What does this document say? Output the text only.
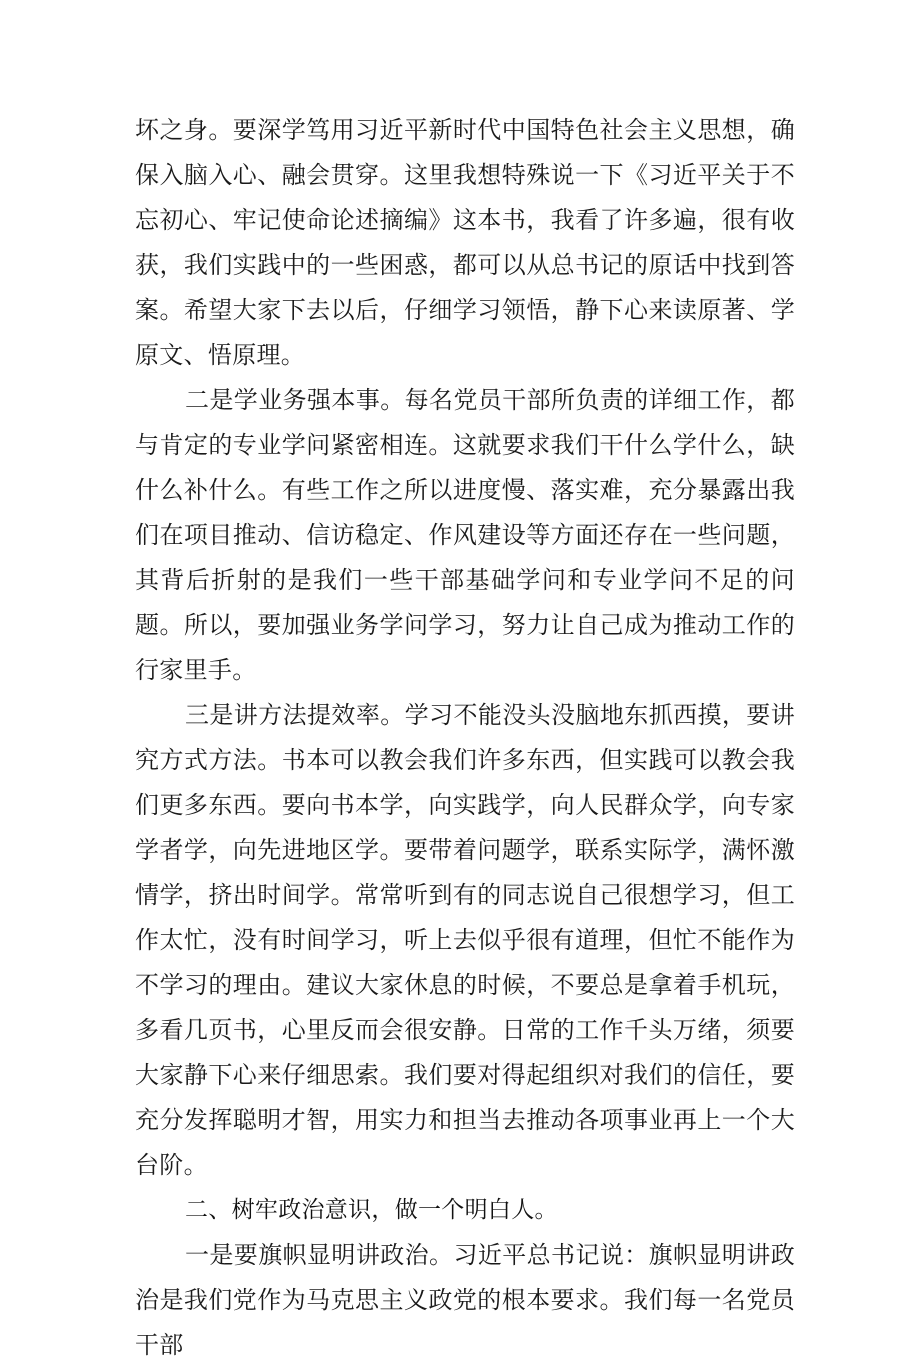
坏之身。要深学笃用习近平新时代中国特色社会主义思想，确保入脑入心、融会贯穿。这里我想特殊说一下《习近平关于不忘初心、牢记使命论述摘编》这本书，我看了许多遍，很有收获，我们实践中的一些困惑，都可以从总书记的原话中找到答案。希望大家下去以后，仔细学习领悟，静下心来读原著、学原文、悟原理。

二是学业务强本事。每名党员干部所负责的详细工作，都与肯定的专业学问紧密相连。这就要求我们干什么学什么，缺什么补什么。有些工作之所以进度慢、落实难，充分暴露出我们在项目推动、信访稳定、作风建设等方面还存在一些问题，其背后折射的是我们一些干部基础学问和专业学问不足的问题。所以，要加强业务学问学习，努力让自己成为推动工作的行家里手。

三是讲方法提效率。学习不能没头没脑地东抓西摸，要讲究方式方法。书本可以教会我们许多东西，但实践可以教会我们更多东西。要向书本学，向实践学，向人民群众学，向专家学者学，向先进地区学。要带着问题学，联系实际学，满怀激情学，挤出时间学。常常听到有的同志说自己很想学习，但工作太忙，没有时间学习，听上去似乎很有道理，但忙不能作为不学习的理由。建议大家休息的时候，不要总是拿着手机玩，多看几页书，心里反而会很安静。日常的工作千头万绪，须要大家静下心来仔细思索。我们要对得起组织对我们的信任，要充分发挥聪明才智，用实力和担当去推动各项事业再上一个大台阶。

二、树牢政治意识，做一个明白人。

一是要旗帜显明讲政治。习近平总书记说：旗帜显明讲政治是我们党作为马克思主义政党的根本要求。我们每一名党员干部
